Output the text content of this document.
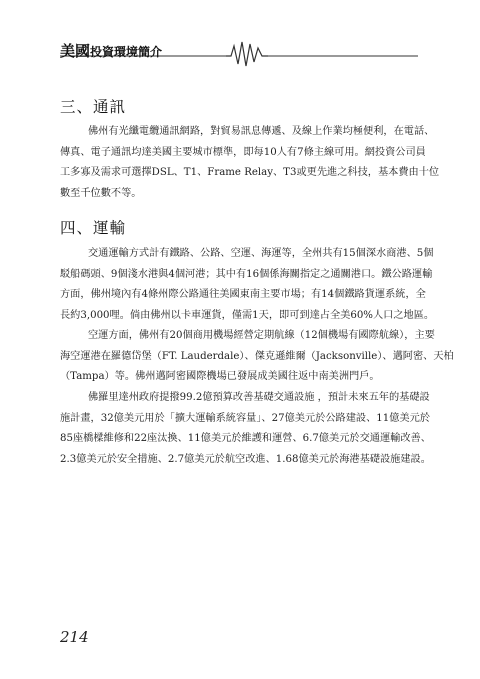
美國投資環境簡介
三、通訊
佛州有光纖電纜通訊網路，對貿易訊息傳遞、及線上作業均極便利，在電話、
傳真、電子通訊均達美國主要城市標準，即每10人有7條主線可用。網投資公司員
工多寡及需求可選擇DSL、T1、Frame Relay、T3或更先進之科技，基本費由十位
數至千位數不等。
四、運輸
交通運輸方式計有鐵路、公路、空運、海運等，全州共有15個深水商港、5個
駁船碼頭、9個淺水港與4個河港；其中有16個係海關指定之通關港口。鐵公路運輸
方面，佛州境內有4條州際公路通往美國東南主要市場；有14個鐵路貨運系統，全
長約3,000哩。倘由佛州以卡車運貨，僅需1天，即可到達占全美60%人口之地區。
空運方面，佛州有20個商用機場經營定期航線（12個機場有國際航線），主要
海空運港在羅德岱堡（FT. Lauderdale）、傑克遜維爾（Jacksonville）、邁阿密、天柏
（Tampa）等。佛州邁阿密國際機場已發展成美國往返中南美洲門戶。
佛羅里達州政府提撥99.2億預算改善基礎交通設施 ，預計未來五年的基礎設
施計畫，32億美元用於「擴大運輸系統容量」、27億美元於公路建設、11億美元於
85座橋樑維修和22座汰換、11億美元於維護和運營、6.7億美元於交通運輸改善、
2.3億美元於安全措施、2.7億美元於航空改進、1.68億美元於海港基礎設施建設。
214
